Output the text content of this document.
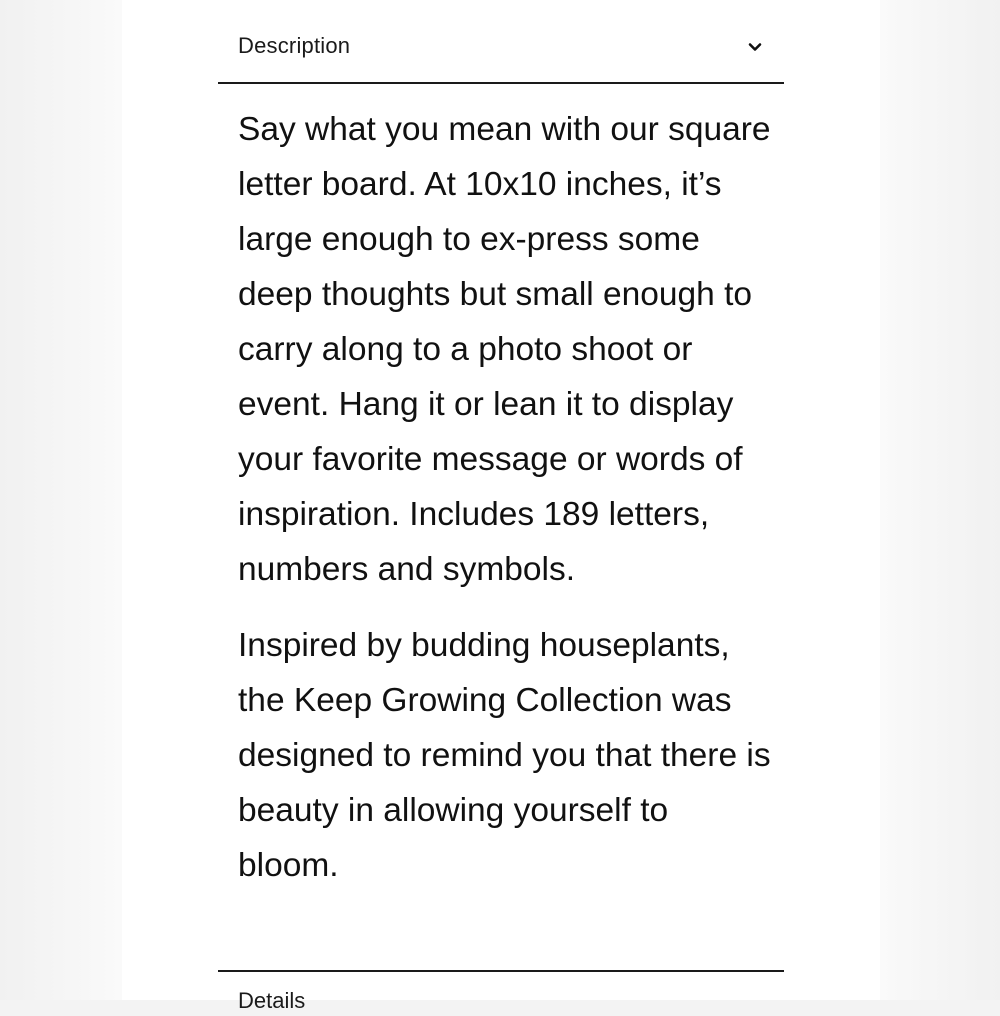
Description

Say what you mean with our square letter board. At 10x10 inches, it’s large enough to ex-press some deep thoughts but small enough to carry along to a photo shoot or event. Hang it or lean it to display your favorite message or words of inspiration. Includes 189 letters, numbers and symbols.

Inspired by budding houseplants, the Keep Growing Collection was designed to remind you that there is beauty in allowing yourself to bloom.

Details
